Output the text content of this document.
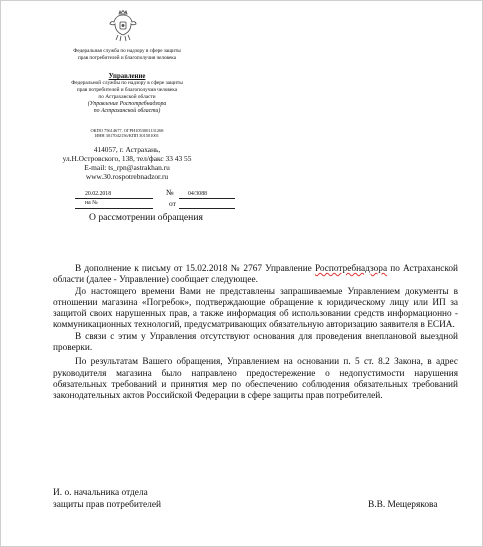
Федеральная служба по надзору в сфере защиты
прав потребителей и благополучия человека
Управление
Федеральной службы по надзору в сфере защиты
прав потребителей и благополучия человека
по Астраханской области
(Управление Роспотребнадзора
по Астраханской области)
ОКПО 75614677, ОГРН1053001131268
ИНН 3017042156/КПП 301501001
414057, г. Астрахань,
ул.Н.Островского, 138, тел/факс 33 43 55
E-mail: ts_rpn@astrakhan.ru
www.30.rospotrebnadzor.ru
20.02.2018	№ 04/3088
на №	от
О рассмотрении обращения

В дополнение к письму от 15.02.2018 № 2767 Управление Роспотребнадзора по Астраханской области (далее - Управление) сообщает следующее.

До настоящего времени Вами не представлены запрашиваемые Управлением документы в отношении магазина «Погребок», подтверждающие обращение к юридическому лицу или ИП за защитой своих нарушенных прав, а также информация об использовании средств информационно - коммуникационных технологий, предусматривающих обязательную авторизацию заявителя в ЕСИА.

В связи с этим у Управления отсутствуют основания для проведения внеплановой выездной проверки.

По результатам Вашего обращения, Управлением на основании п. 5 ст. 8.2 Закона, в адрес руководителя магазина было направлено предостережение о недопустимости нарушения обязательных требований и принятия мер по обеспечению соблюдения обязательных требований законодательных актов Российской Федерации в сфере защиты прав потребителей.

И. о. начальника отдела
защиты прав потребителей	В.В. Мещерякова
